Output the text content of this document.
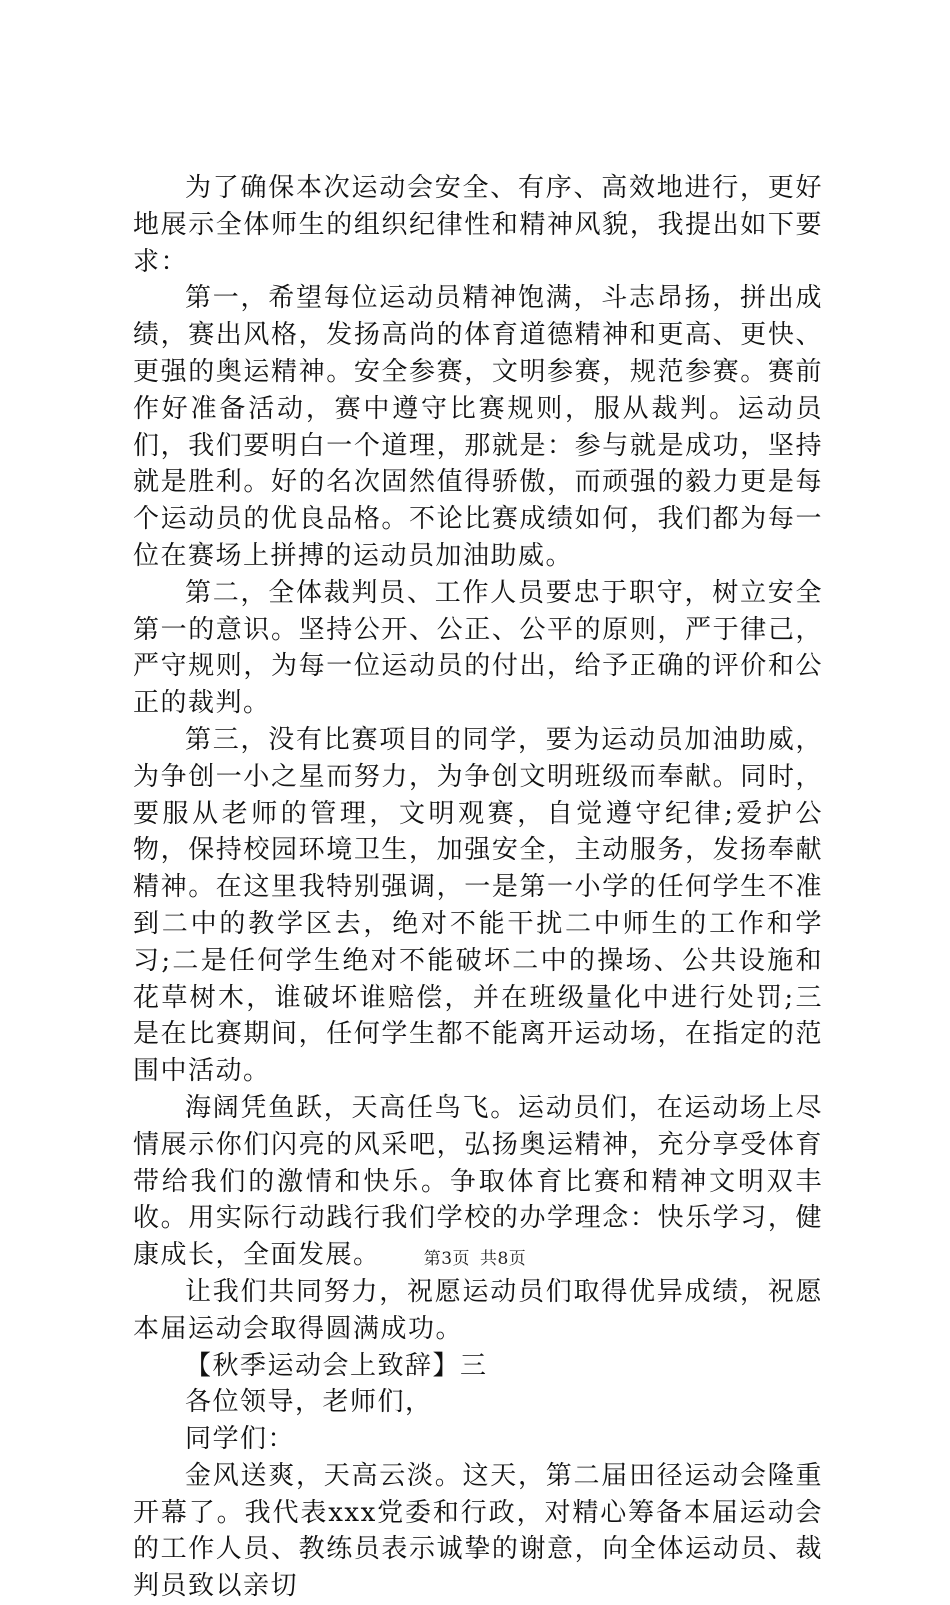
为了确保本次运动会安全、有序、高效地进行，更好地展示全体师生的组织纪律性和精神风貌，我提出如下要求：

第一，希望每位运动员精神饱满，斗志昂扬，拼出成绩，赛出风格，发扬高尚的体育道德精神和更高、更快、更强的奥运精神。安全参赛，文明参赛，规范参赛。赛前作好准备活动，赛中遵守比赛规则，服从裁判。运动员们，我们要明白一个道理，那就是：参与就是成功，坚持就是胜利。好的名次固然值得骄傲，而顽强的毅力更是每个运动员的优良品格。不论比赛成绩如何，我们都为每一位在赛场上拼搏的运动员加油助威。

第二，全体裁判员、工作人员要忠于职守，树立安全第一的意识。坚持公开、公正、公平的原则，严于律己，严守规则，为每一位运动员的付出，给予正确的评价和公正的裁判。

第三，没有比赛项目的同学，要为运动员加油助威，为争创一小之星而努力，为争创文明班级而奉献。同时，要服从老师的管理，文明观赛，自觉遵守纪律;爱护公物，保持校园环境卫生，加强安全，主动服务，发扬奉献精神。在这里我特别强调，一是第一小学的任何学生不准到二中的教学区去，绝对不能干扰二中师生的工作和学习;二是任何学生绝对不能破坏二中的操场、公共设施和花草树木，谁破坏谁赔偿，并在班级量化中进行处罚;三是在比赛期间，任何学生都不能离开运动场，在指定的范围中活动。

海阔凭鱼跃，天高任鸟飞。运动员们，在运动场上尽情展示你们闪亮的风采吧，弘扬奥运精神，充分享受体育带给我们的激情和快乐。争取体育比赛和精神文明双丰收。用实际行动践行我们学校的办学理念：快乐学习，健康成长，全面发展。

让我们共同努力，祝愿运动员们取得优异成绩，祝愿本届运动会取得圆满成功。

【秋季运动会上致辞】三

各位领导，老师们，

同学们：

金风送爽，天高云淡。这天，第二届田径运动会隆重开幕了。我代表xxx党委和行政，对精心筹备本届运动会的工作人员、教练员表示诚挚的谢意，向全体运动员、裁判员致以亲切

第3页 共8页
